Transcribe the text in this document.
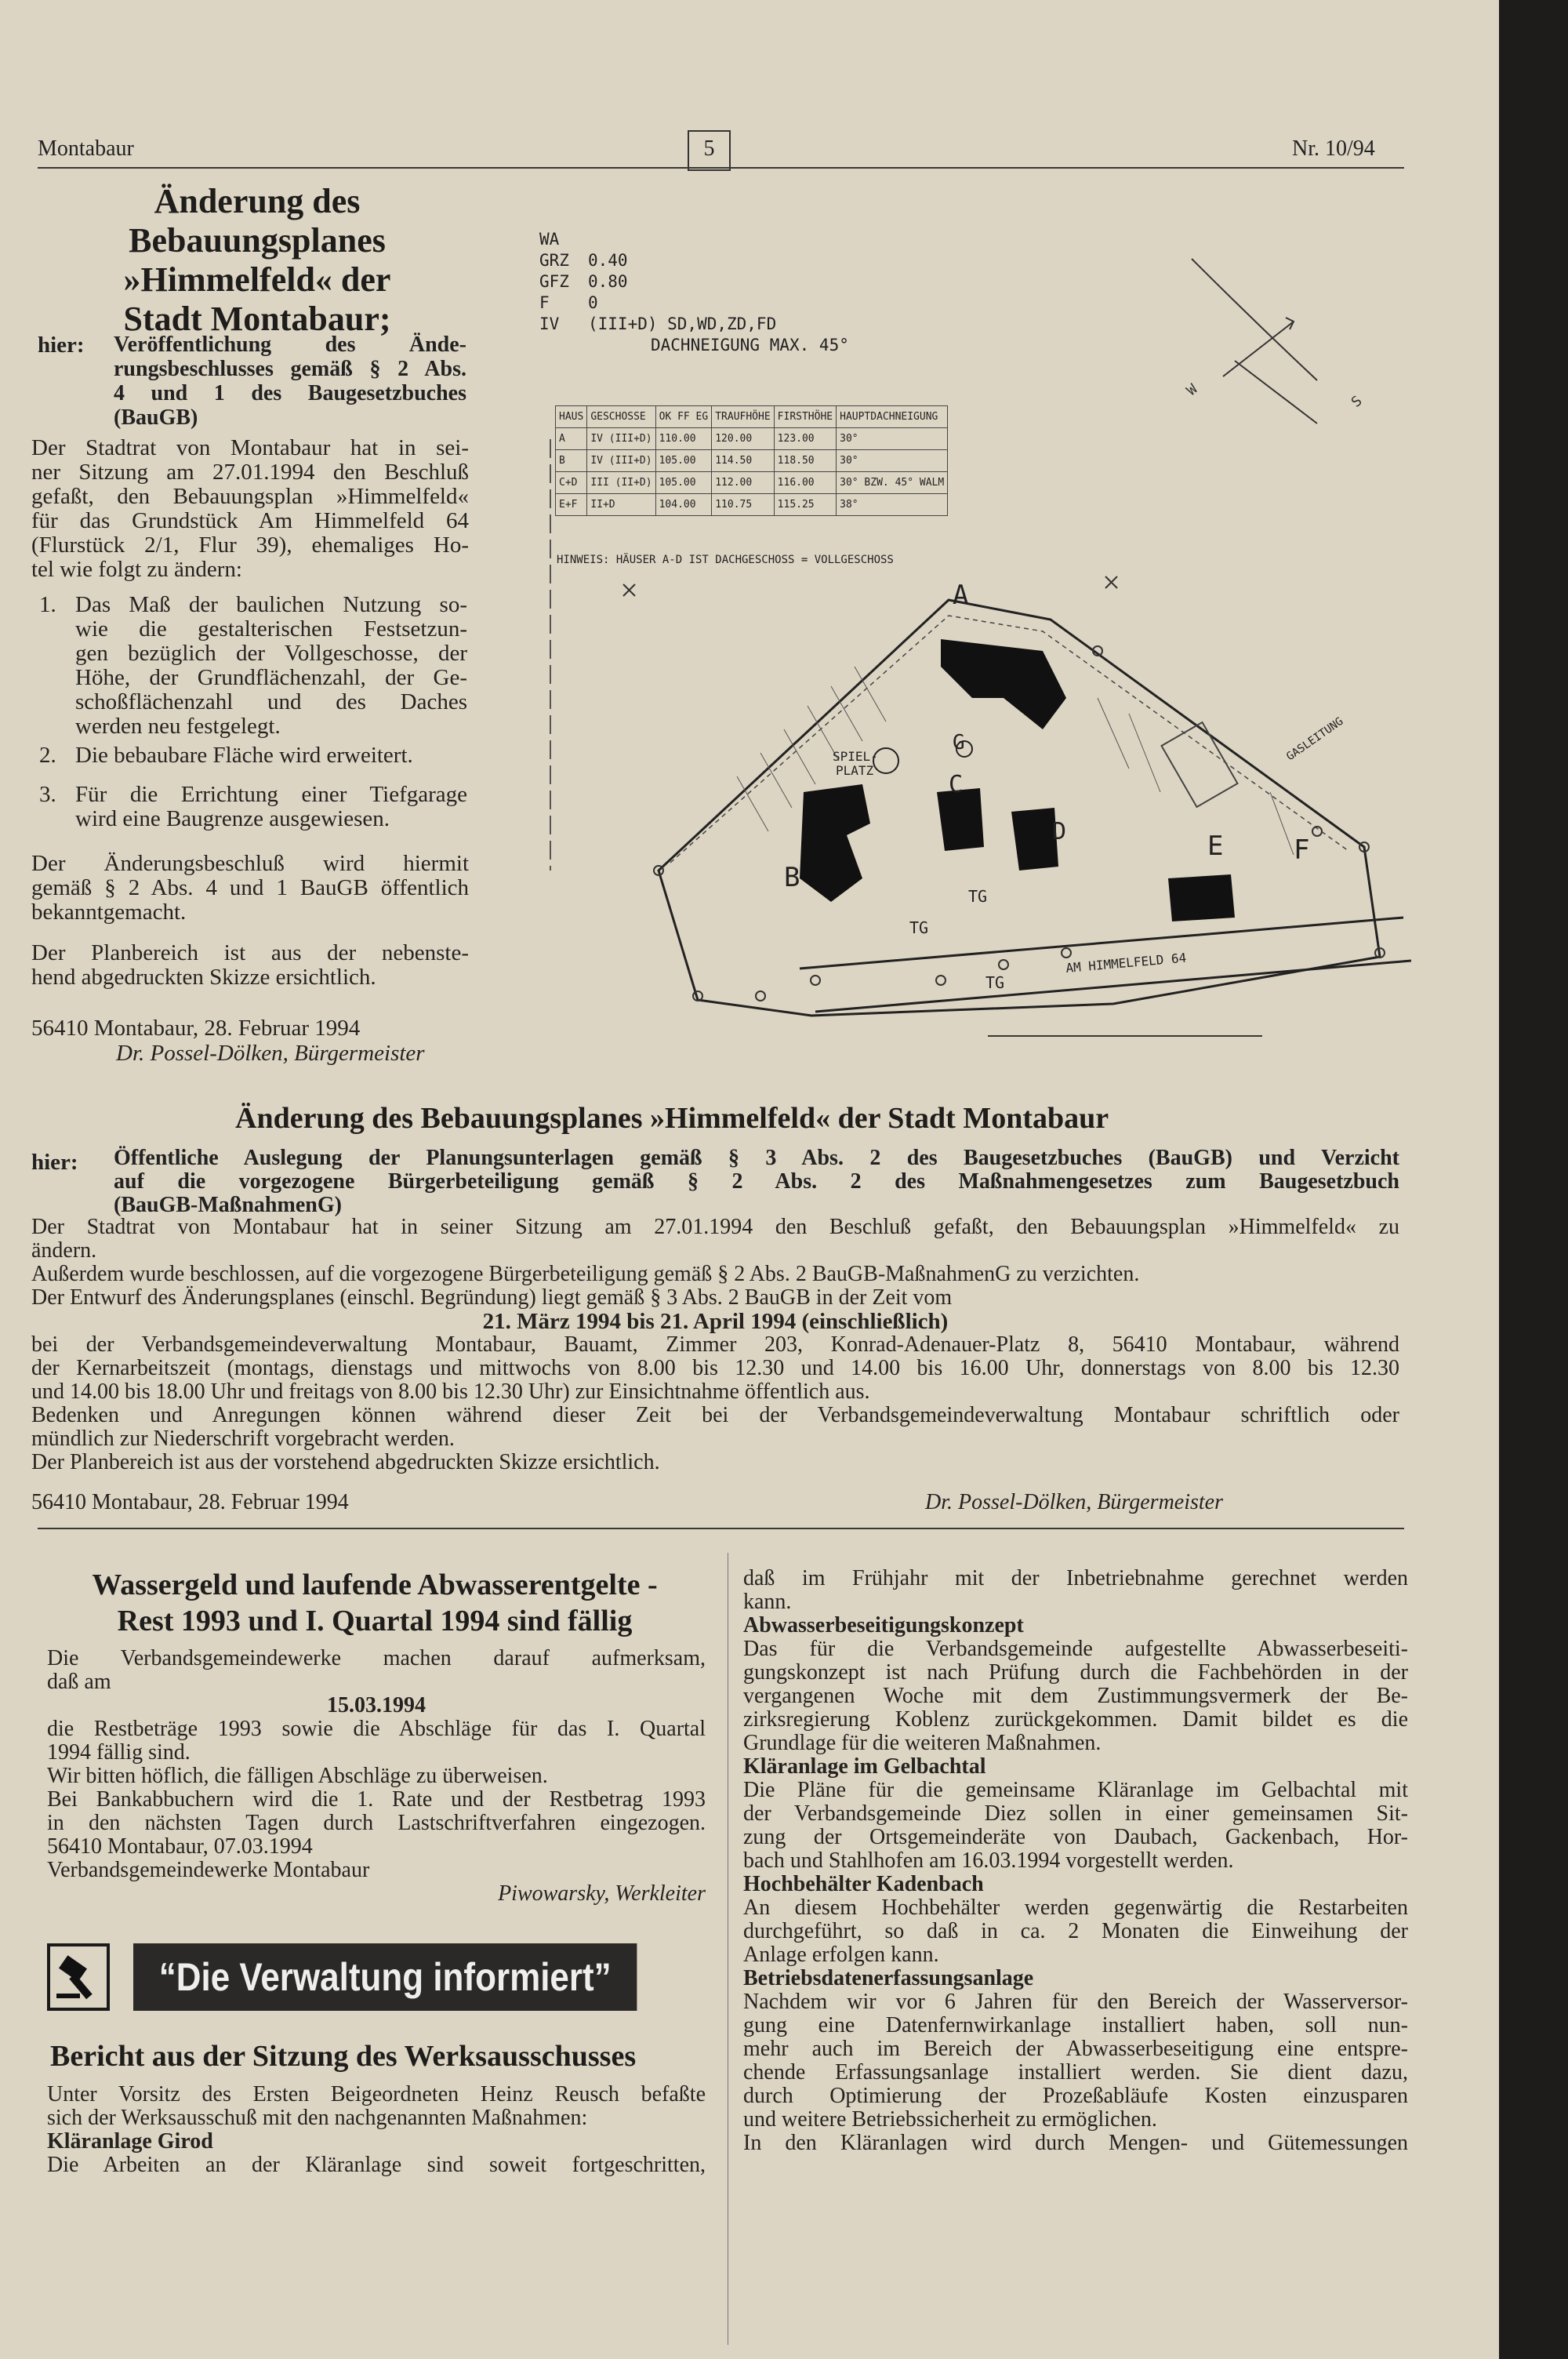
Montabaur	5	Nr. 10/94
Änderung des
Bebauungsplanes
»Himmelfeld« der
Stadt Montabaur;
hier: Veröffentlichung des Ände-
rungsbeschlusses gemäß § 2 Abs.
4 und 1 des Baugesetzbuches
(BauGB)
Der Stadtrat von Montabaur hat in sei-
ner Sitzung am 27.01.1994 den Beschluß
gefaßt, den Bebauungsplan »Himmelfeld«
für das Grundstück Am Himmelfeld 64
(Flurstück 2/1, Flur 39), ehemaliges Ho-
tel wie folgt zu ändern:
1. Das Maß der baulichen Nutzung so-
wie die gestalterischen Festsetzun-
gen bezüglich der Vollgeschosse, der
Höhe, der Grundflächenzahl, der Ge-
schoßflächenzahl und des Daches
werden neu festgelegt.
2. Die bebaubare Fläche wird erweitert.
3. Für die Errichtung einer Tiefgarage
wird eine Baugrenze ausgewiesen.
Der Änderungsbeschluß wird hiermit
gemäß § 2 Abs. 4 und 1 BauGB öffentlich
bekanntgemacht.
Der Planbereich ist aus der nebenste-
hend abgedruckten Skizze ersichtlich.
56410 Montabaur, 28. Februar 1994
Dr. Possel-Dölken, Bürgermeister
WA
GRZ 0.40
GFZ 0.80
F 0
IV (III+D) SD,WD,ZD,FD
DACHNEIGUNG MAX. 45°
HAUS	GESCHOSSE	OK FF EG	TRAUFHÖHE	FIRSTHÖHE	HAUPTDACHNEIGUNG
A	IV (III+D)	110.00	120.00	123.00	30°
B	IV (III+D)	105.00	114.50	118.50	30°
C+D	III (II+D)	105.00	112.00	116.00	30° BZW. 45° WALM
E+F	II+D	104.00	110.75	115.25	38°
HINWEIS: HÄUSER A-D IST DACHGESCHOSS = VOLLGESCHOSS
W
S
A
B
C
D	E	F
G
TG
TG
TG
SPIEL-
PLATZ
AM HIMMELFELD 64
GASLEITUNG
Änderung des Bebauungsplanes »Himmelfeld« der Stadt Montabaur
hier: Öffentliche Auslegung der Planungsunterlagen gemäß § 3 Abs. 2 des Baugesetzbuches (BauGB) und Verzicht
auf die vorgezogene Bürgerbeteiligung gemäß § 2 Abs. 2 des Maßnahmengesetzes zum Baugesetzbuch
(BauGB-MaßnahmenG)
Der Stadtrat von Montabaur hat in seiner Sitzung am 27.01.1994 den Beschluß gefaßt, den Bebauungsplan »Himmelfeld« zu
ändern.
Außerdem wurde beschlossen, auf die vorgezogene Bürgerbeteiligung gemäß § 2 Abs. 2 BauGB-MaßnahmenG zu verzichten.
Der Entwurf des Änderungsplanes (einschl. Begründung) liegt gemäß § 3 Abs. 2 BauGB in der Zeit vom
21. März 1994 bis 21. April 1994 (einschließlich)
bei der Verbandsgemeindeverwaltung Montabaur, Bauamt, Zimmer 203, Konrad-Adenauer-Platz 8, 56410 Montabaur, während
der Kernarbeitszeit (montags, dienstags und mittwochs von 8.00 bis 12.30 und 14.00 bis 16.00 Uhr, donnerstags von 8.00 bis 12.30
und 14.00 bis 18.00 Uhr und freitags von 8.00 bis 12.30 Uhr) zur Einsichtnahme öffentlich aus.
Bedenken und Anregungen können während dieser Zeit bei der Verbandsgemeindeverwaltung Montabaur schriftlich oder
mündlich zur Niederschrift vorgebracht werden.
Der Planbereich ist aus der vorstehend abgedruckten Skizze ersichtlich.
56410 Montabaur, 28. Februar 1994	Dr. Possel-Dölken, Bürgermeister
Wassergeld und laufende Abwasserentgelte -
Rest 1993 und I. Quartal 1994 sind fällig
Die Verbandsgemeindewerke machen darauf aufmerksam,
daß am
15.03.1994
die Restbeträge 1993 sowie die Abschläge für das I. Quartal
1994 fällig sind.
Wir bitten höflich, die fälligen Abschläge zu überweisen.
Bei Bankabbuchern wird die 1. Rate und der Restbetrag 1993
in den nächsten Tagen durch Lastschriftverfahren eingezogen.
56410 Montabaur, 07.03.1994
Verbandsgemeindewerke Montabaur
Piwowarsky, Werkleiter
“Die Verwaltung informiert”
Bericht aus der Sitzung des Werksausschusses
Unter Vorsitz des Ersten Beigeordneten Heinz Reusch befaßte
sich der Werksausschuß mit den nachgenannten Maßnahmen:
Kläranlage Girod
Die Arbeiten an der Kläranlage sind soweit fortgeschritten,
daß im Frühjahr mit der Inbetriebnahme gerechnet werden
kann.
Abwasserbeseitigungskonzept
Das für die Verbandsgemeinde aufgestellte Abwasserbeseiti-
gungskonzept ist nach Prüfung durch die Fachbehörden in der
vergangenen Woche mit dem Zustimmungsvermerk der Be-
zirksregierung Koblenz zurückgekommen. Damit bildet es die
Grundlage für die weiteren Maßnahmen.
Kläranlage im Gelbachtal
Die Pläne für die gemeinsame Kläranlage im Gelbachtal mit
der Verbandsgemeinde Diez sollen in einer gemeinsamen Sit-
zung der Ortsgemeinderäte von Daubach, Gackenbach, Hor-
bach und Stahlhofen am 16.03.1994 vorgestellt werden.
Hochbehälter Kadenbach
An diesem Hochbehälter werden gegenwärtig die Restarbeiten
durchgeführt, so daß in ca. 2 Monaten die Einweihung der
Anlage erfolgen kann.
Betriebsdatenerfassungsanlage
Nachdem wir vor 6 Jahren für den Bereich der Wasserversor-
gung eine Datenfernwirkanlage installiert haben, soll nun-
mehr auch im Bereich der Abwasserbeseitigung eine entspre-
chende Erfassungsanlage installiert werden. Sie dient dazu,
durch Optimierung der Prozeßabläufe Kosten einzusparen
und weitere Betriebssicherheit zu ermöglichen.
In den Kläranlagen wird durch Mengen- und Gütemessungen
